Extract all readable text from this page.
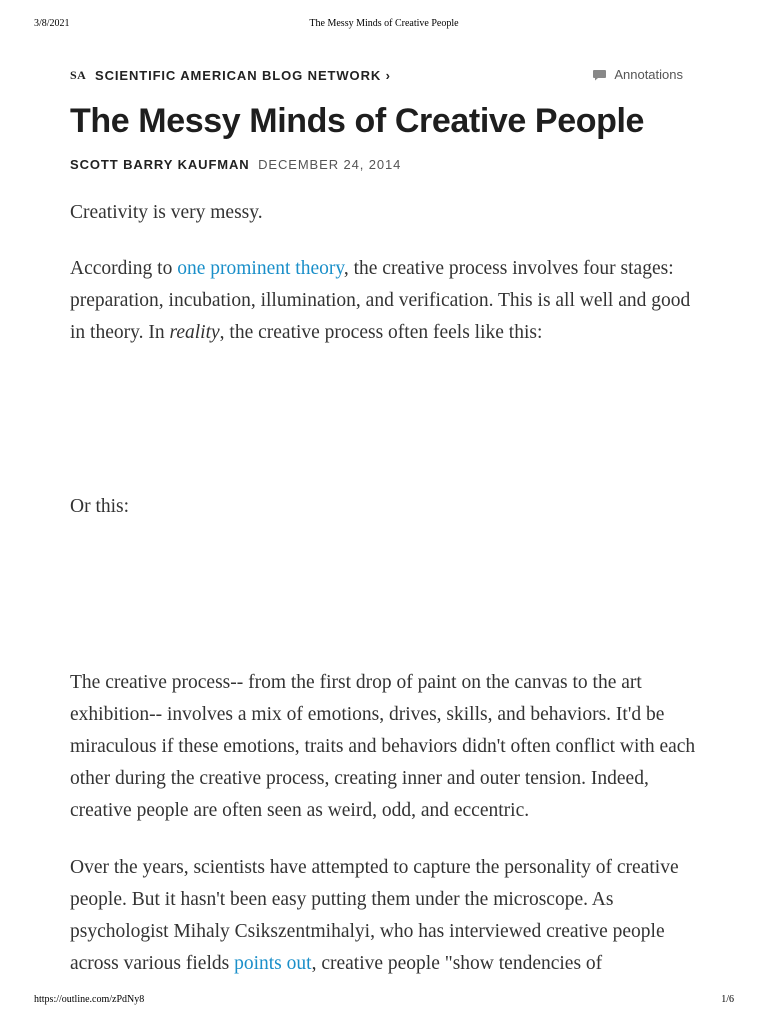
3/8/2021	The Messy Minds of Creative People
SA SCIENTIFIC AMERICAN BLOG NETWORK ›	Annotations
The Messy Minds of Creative People
SCOTT BARRY KAUFMAN DECEMBER 24, 2014

Creativity is very messy.

According to one prominent theory, the creative process involves four stages: preparation, incubation, illumination, and verification. This is all well and good in theory. In reality, the creative process often feels like this:

Or this:

The creative process-- from the first drop of paint on the canvas to the art exhibition-- involves a mix of emotions, drives, skills, and behaviors. It'd be miraculous if these emotions, traits and behaviors didn't often conflict with each other during the creative process, creating inner and outer tension. Indeed, creative people are often seen as weird, odd, and eccentric.

Over the years, scientists have attempted to capture the personality of creative people. But it hasn't been easy putting them under the microscope. As psychologist Mihaly Csikszentmihalyi, who has interviewed creative people across various fields points out, creative people "show tendencies of

https://outline.com/zPdNy8	1/6
